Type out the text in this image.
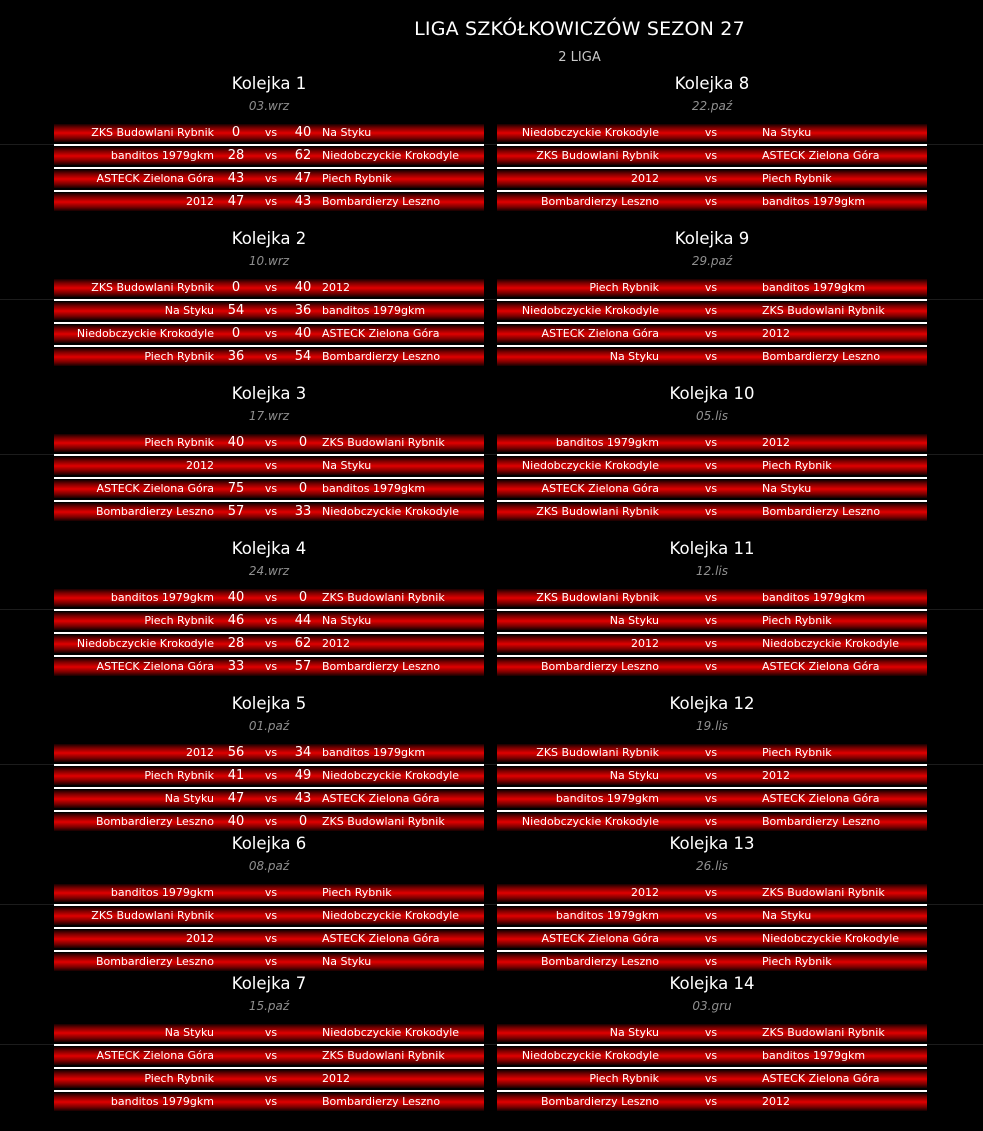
LIGA SZKÓŁKOWICZÓW SEZON 27
2 LIGA
Kolejka 1
03.wrz
ZKS Budowlani Rybnik	0	vs	40 Na Styku
banditos 1979gkm 28	vs	62 Niedobczyckie Krokodyle
ASTECK Zielona Góra 43	vs	47 Piech Rybnik
2012 47	vs	43 Bombardierzy Leszno
Kolejka 2
10.wrz
ZKS Budowlani Rybnik	0	vs	40 2012
Na Styku 54	vs	36 banditos 1979gkm
Niedobczyckie Krokodyle	0	vs	40 ASTECK Zielona Góra
Piech Rybnik 36	vs	54 Bombardierzy Leszno
Kolejka 3
17.wrz
Piech Rybnik 40	vs	0	ZKS Budowlani Rybnik
2012	vs	Na Styku
ASTECK Zielona Góra 75	vs	0	banditos 1979gkm
Bombardierzy Leszno 57	vs	33 Niedobczyckie Krokodyle
Kolejka 4
24.wrz
banditos 1979gkm 40	vs	0	ZKS Budowlani Rybnik
Piech Rybnik 46	vs	44 Na Styku
Niedobczyckie Krokodyle 28	vs	62 2012
ASTECK Zielona Góra 33	vs	57 Bombardierzy Leszno
Kolejka 5
01.paź
2012 56	vs	34 banditos 1979gkm
Piech Rybnik 41	vs	49 Niedobczyckie Krokodyle
Na Styku 47	vs	43 ASTECK Zielona Góra
Bombardierzy Leszno 40	vs	0	ZKS Budowlani Rybnik
Kolejka 6
08.paź
banditos 1979gkm	vs	Piech Rybnik
ZKS Budowlani Rybnik	vs	Niedobczyckie Krokodyle
2012	vs	ASTECK Zielona Góra
Bombardierzy Leszno	vs	Na Styku
Kolejka 7
15.paź
Na Styku	vs	Niedobczyckie Krokodyle
ASTECK Zielona Góra	vs	ZKS Budowlani Rybnik
Piech Rybnik	vs	2012
banditos 1979gkm	vs	Bombardierzy Leszno
Kolejka 8
22.paź
Niedobczyckie Krokodyle	vs	Na Styku
ZKS Budowlani Rybnik	vs	ASTECK Zielona Góra
2012	vs	Piech Rybnik
Bombardierzy Leszno	vs	banditos 1979gkm
Kolejka 9
29.paź
Piech Rybnik	vs	banditos 1979gkm
Niedobczyckie Krokodyle	vs	ZKS Budowlani Rybnik
ASTECK Zielona Góra	vs	2012
Na Styku	vs	Bombardierzy Leszno
Kolejka 10
05.lis
banditos 1979gkm	vs	2012
Niedobczyckie Krokodyle	vs	Piech Rybnik
ASTECK Zielona Góra	vs	Na Styku
ZKS Budowlani Rybnik	vs	Bombardierzy Leszno
Kolejka 11
12.lis
ZKS Budowlani Rybnik	vs	banditos 1979gkm
Na Styku	vs	Piech Rybnik
2012	vs	Niedobczyckie Krokodyle
Bombardierzy Leszno	vs	ASTECK Zielona Góra
Kolejka 12
19.lis
ZKS Budowlani Rybnik	vs	Piech Rybnik
Na Styku	vs	2012
banditos 1979gkm	vs	ASTECK Zielona Góra
Niedobczyckie Krokodyle	vs	Bombardierzy Leszno
Kolejka 13
26.lis
2012	vs	ZKS Budowlani Rybnik
banditos 1979gkm	vs	Na Styku
ASTECK Zielona Góra	vs	Niedobczyckie Krokodyle
Bombardierzy Leszno	vs	Piech Rybnik
Kolejka 14
03.gru
Na Styku	vs	ZKS Budowlani Rybnik
Niedobczyckie Krokodyle	vs	banditos 1979gkm
Piech Rybnik	vs	ASTECK Zielona Góra
Bombardierzy Leszno	vs	2012
